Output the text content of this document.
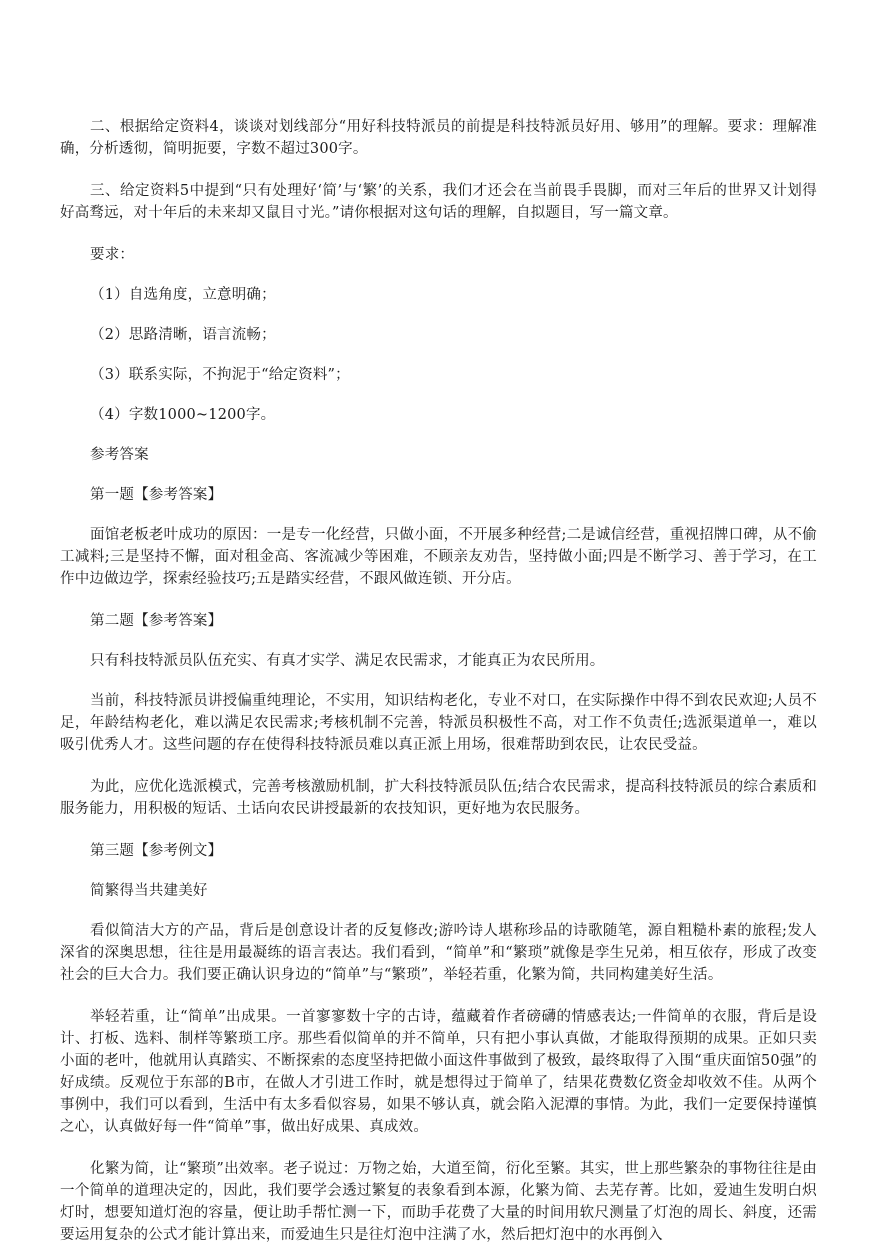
二、根据给定资料4，谈谈对划线部分“用好科技特派员的前提是科技特派员好用、够用”的理解。要求：理解准确，分析透彻，简明扼要，字数不超过300字。

三、给定资料5中提到“只有处理好‘简’与‘繁’的关系，我们才还会在当前畏手畏脚，而对三年后的世界又计划得好高骛远，对十年后的未来却又鼠目寸光。”请你根据对这句话的理解，自拟题目，写一篇文章。

要求：

（1）自选角度，立意明确；

（2）思路清晰，语言流畅；

（3）联系实际，不拘泥于“给定资料”；

（4）字数1000~1200字。

参考答案

第一题【参考答案】

面馆老板老叶成功的原因：一是专一化经营，只做小面，不开展多种经营;二是诚信经营，重视招牌口碑，从不偷工减料;三是坚持不懈，面对租金高、客流减少等困难，不顾亲友劝告，坚持做小面;四是不断学习、善于学习，在工作中边做边学，探索经验技巧;五是踏实经营，不跟风做连锁、开分店。

第二题【参考答案】

只有科技特派员队伍充实、有真才实学、满足农民需求，才能真正为农民所用。

当前，科技特派员讲授偏重纯理论，不实用，知识结构老化，专业不对口，在实际操作中得不到农民欢迎;人员不足，年龄结构老化，难以满足农民需求;考核机制不完善，特派员积极性不高，对工作不负责任;选派渠道单一，难以吸引优秀人才。这些问题的存在使得科技特派员难以真正派上用场，很难帮助到农民，让农民受益。

为此，应优化选派模式，完善考核激励机制，扩大科技特派员队伍;结合农民需求，提高科技特派员的综合素质和服务能力，用积极的短话、土话向农民讲授最新的农技知识，更好地为农民服务。

第三题【参考例文】

简繁得当共建美好

看似简洁大方的产品，背后是创意设计者的反复修改;游吟诗人堪称珍品的诗歌随笔，源自粗糙朴素的旅程;发人深省的深奥思想，往往是用最凝练的语言表达。我们看到，“简单”和“繁琐”就像是孪生兄弟，相互依存，形成了改变社会的巨大合力。我们要正确认识身边的“简单”与“繁琐”，举轻若重，化繁为简，共同构建美好生活。

举轻若重，让“简单”出成果。一首寥寥数十字的古诗，蕴藏着作者磅礴的情感表达;一件简单的衣服，背后是设计、打板、选料、制样等繁琐工序。那些看似简单的并不简单，只有把小事认真做，才能取得预期的成果。正如只卖小面的老叶，他就用认真踏实、不断探索的态度坚持把做小面这件事做到了极致，最终取得了入围“重庆面馆50强”的好成绩。反观位于东部的B市，在做人才引进工作时，就是想得过于简单了，结果花费数亿资金却收效不佳。从两个事例中，我们可以看到，生活中有太多看似容易，如果不够认真，就会陷入泥潭的事情。为此，我们一定要保持谨慎之心，认真做好每一件“简单”事，做出好成果、真成效。

化繁为简，让“繁琐”出效率。老子说过：万物之始，大道至简，衍化至繁。其实，世上那些繁杂的事物往往是由一个简单的道理决定的，因此，我们要学会透过繁复的表象看到本源，化繁为简、去芜存菁。比如，爱迪生发明白炽灯时，想要知道灯泡的容量，便让助手帮忙测一下，而助手花费了大量的时间用软尺测量了灯泡的周长、斜度，还需要运用复杂的公式才能计算出来，而爱迪生只是往灯泡中注满了水，然后把灯泡中的水再倒入
